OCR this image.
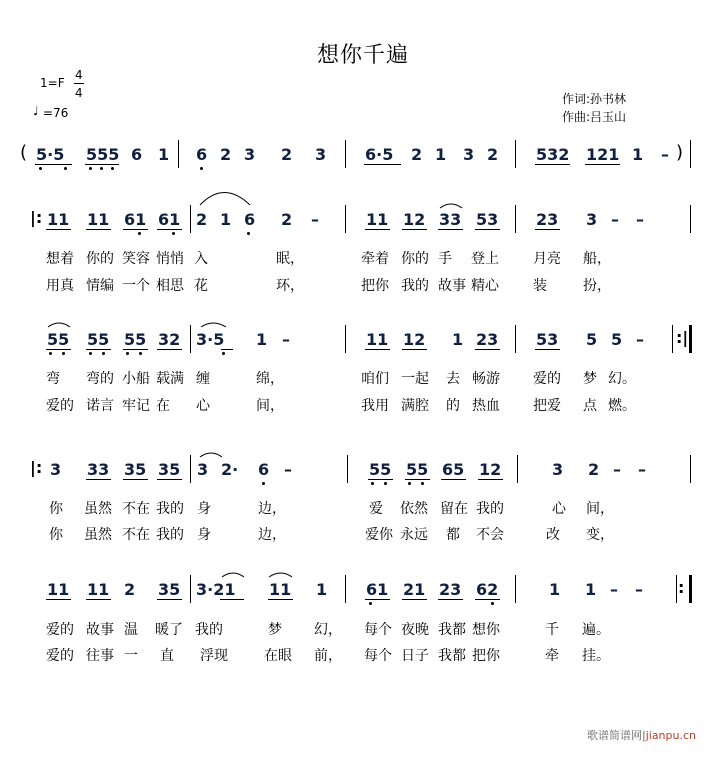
想你千遍
1=F
4
4
♩ =76
作词:孙书林
作曲:吕玉山
( 5·5 555 6 1 6 2 3 2 3 6·5 2 1 3 2 532 121 1 – )
|: 11 11 61 61 2 1 6 2 –	11 12 33 53 23 3 – –
想着 你的 笑容 悄悄 入	眠，	牵着 你的 手 登上 月亮 船，
用真 情编 一个 相思 花	环，	把你 我的 故事 精心 装	扮，
55 55 55 32 3·5 1 –	11 12 1 23 53 5 5 – :|
弯 弯的 小船 载满 缠	绵，	咱们 一起 去 畅游 爱的 梦 幻。
爱的 诺言 牢记 在 心	间，	我用 满腔 的 热血 把爱 点 燃。
|: 3 33 35 35 3 2· 6 –	55 55 65 12	3 2 – –
你 虽然 不在 我的 身	边，	爱 依然 留在 我的	心 间，
你 虽然 不在 我的 身	边，	爱你 永远 都 不会	改 变，
11 11 2 35 3·21 11 1 61 21 23 62	1 1 – – :
爱的 故事 温 暖了 我的	梦 幻， 每个 夜晚 我都 想你	千 遍。
爱的 往事 一 直 浮现	在眼 前， 每个 日子 我都 把你	牵 挂。
歌谱简谱网|jianpu.cn
